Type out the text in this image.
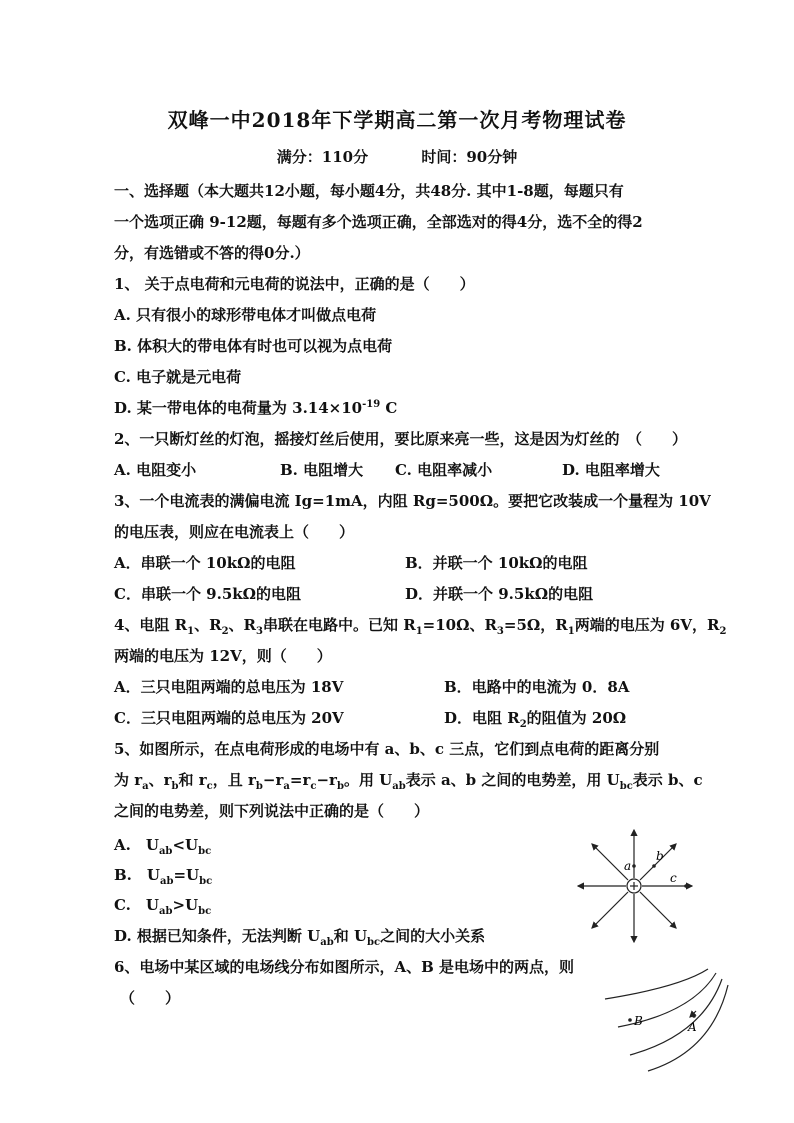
双峰一中2018年下学期高二第一次月考物理试卷
满分：110分	时间：90分钟
一、选择题（本大题共12小题，每小题4分，共48分. 其中1-8题，每题只有
一个选项正确 9-12题，每题有多个选项正确，全部选对的得4分，选不全的得2
分，有选错或不答的得0分.）
1、 关于点电荷和元电荷的说法中，正确的是（　　）
A. 只有很小的球形带电体才叫做点电荷
B. 体积大的带电体有时也可以视为点电荷
C. 电子就是元电荷
D. 某一带电体的电荷量为 $3.14\times 10^{-19}$ C
2、一只断灯丝的灯泡，摇接灯丝后使用，要比原来亮一些，这是因为灯丝的　（　　）
A. 电阻变小	B. 电阻增大 C. 电阻率减小	D. 电阻率增大
3、一个电流表的满偏电流 Ig=1mA，内阻 Rg=500Ω。要把它改装成一个量程为 10V
的电压表，则应在电流表上（　　）
A．串联一个 10kΩ的电阻	B．并联一个 10kΩ的电阻
C．串联一个 9.5kΩ的电阻	D．并联一个 9.5kΩ的电阻
4、电阻 $R_1$、$R_2$、$R_3$串联在电路中。已知 $R_1=10\Omega$、$R_3=5\Omega$，$R_1$两端的电压为 6V，$R_2$
两端的电压为 12V，则（　　）
A．三只电阻两端的总电压为 18V	B．电路中的电流为 0．8A
C．三只电阻两端的总电压为 20V	D．电阻 $R_2$的阻值为 20Ω
5、如图所示，在点电荷形成的电场中有 a、b、c 三点，它们到点电荷的距离分别
为 $r_a$、$r_b$和 $r_c$，且 $r_b-r_a=r_c-r_b$。用 $U_{ab}$表示 a、b 之间的电势差，用 $U_{bc}$表示 b、c
之间的电势差，则下列说法中正确的是（　　）
A.　$U_{ab}<U_{bc}$
B.　$U_{ab}=U_{bc}$
C.　$U_{ab}>U_{bc}$
D. 根据已知条件，无法判断 $U_{ab}$和 $U_{bc}$之间的大小关系
a
b
c
6、电场中某区域的电场线分布如图所示，A、B 是电场中的两点，则
（　　）
B	A
